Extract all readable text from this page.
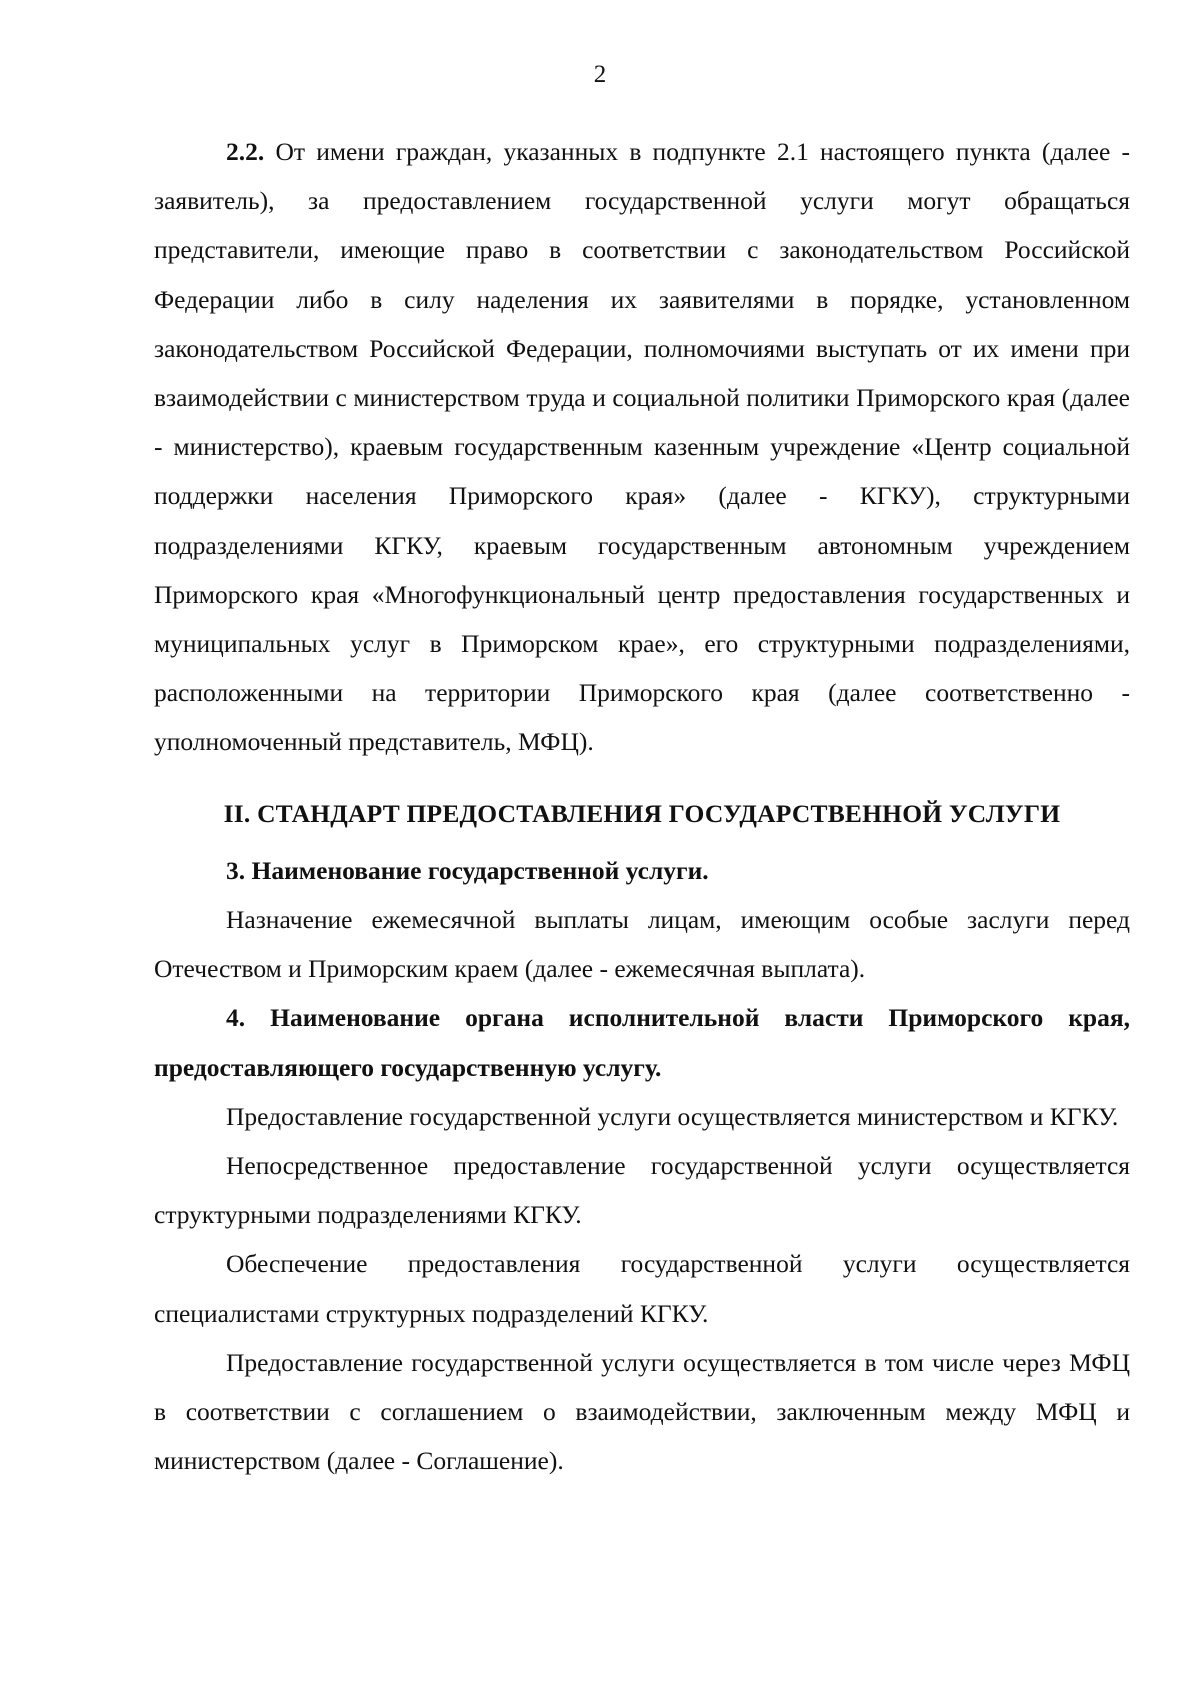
2

2.2. От имени граждан, указанных в подпункте 2.1 настоящего пункта (далее - заявитель), за предоставлением государственной услуги могут обращаться представители, имеющие право в соответствии с законодательством Российской Федерации либо в силу наделения их заявителями в порядке, установленном законодательством Российской Федерации, полномочиями выступать от их имени при взаимодействии с министерством труда и социальной политики Приморского края (далее - министерство), краевым государственным казенным учреждение «Центр социальной поддержки населения Приморского края» (далее - КГКУ), структурными подразделениями КГКУ, краевым государственным автономным учреждением Приморского края «Многофункциональный центр предоставления государственных и муниципальных услуг в Приморском крае», его структурными подразделениями, расположенными на территории Приморского края (далее соответственно - уполномоченный представитель, МФЦ).

II. СТАНДАРТ ПРЕДОСТАВЛЕНИЯ ГОСУДАРСТВЕННОЙ УСЛУГИ
3. Наименование государственной услуги.

Назначение ежемесячной выплаты лицам, имеющим особые заслуги перед Отечеством и Приморским краем (далее - ежемесячная выплата).

4. Наименование органа исполнительной власти Приморского края, предоставляющего государственную услугу.

Предоставление государственной услуги осуществляется министерством и КГКУ.

Непосредственное предоставление государственной услуги осуществляется структурными подразделениями КГКУ.

Обеспечение предоставления государственной услуги осуществляется специалистами структурных подразделений КГКУ.

Предоставление государственной услуги осуществляется в том числе через МФЦ в соответствии с соглашением о взаимодействии, заключенным между МФЦ и министерством (далее - Соглашение).
